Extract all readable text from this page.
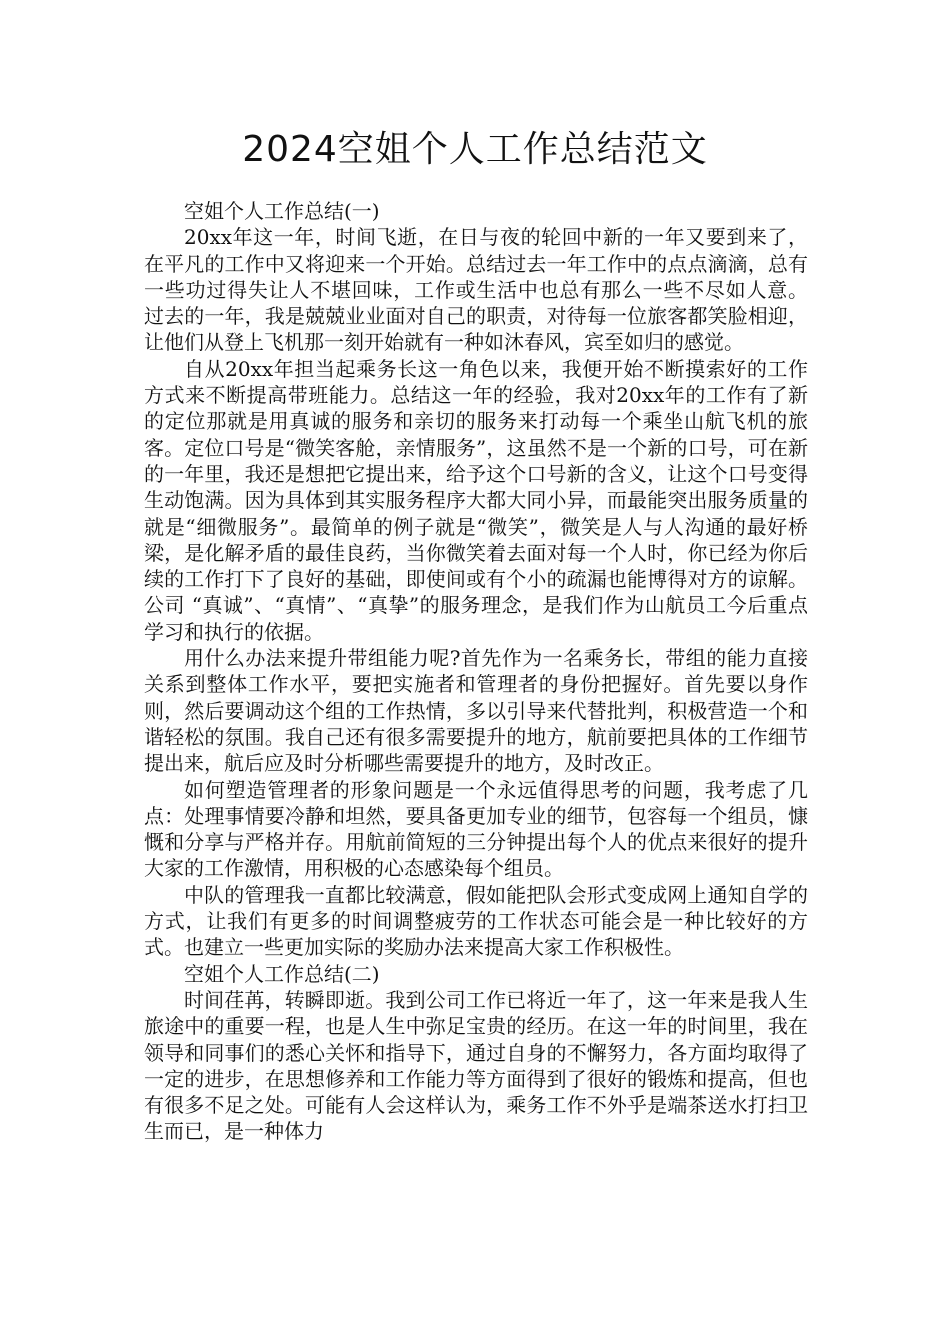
2024空姐个人工作总结范文

空姐个人工作总结(一)

20xx年这一年，时间飞逝，在日与夜的轮回中新的一年又要到来了，在平凡的工作中又将迎来一个开始。总结过去一年工作中的点点滴滴，总有一些功过得失让人不堪回味，工作或生活中也总有那么一些不尽如人意。 过去的一年，我是兢兢业业面对自己的职责，对待每一位旅客都笑脸相迎，让他们从登上飞机那一刻开始就有一种如沐春风，宾至如归的感觉。

自从20xx年担当起乘务长这一角色以来，我便开始不断摸索好的工作方式来不断提高带班能力。总结这一年的经验，我对20xx年的工作有了新的定位那就是用真诚的服务和亲切的服务来打动每一个乘坐山航飞机的旅客。定位口号是“微笑客舱，亲情服务”，这虽然不是一个新的口号，可在新的一年里，我还是想把它提出来，给予这个口号新的含义，让这个口号变得生动饱满。因为具体到其实服务程序大都大同小异，而最能突出服务质量的就是“细微服务”。最简单的例子就是“微笑”，微笑是人与人沟通的最好桥梁，是化解矛盾的最佳良药，当你微笑着去面对每一个人时，你已经为你后续的工作打下了良好的基础，即使间或有个小的疏漏也能博得对方的谅解。公司 “真诚”、“真情”、“真挚”的服务理念，是我们作为山航员工今后重点学习和执行的依据。

用什么办法来提升带组能力呢?首先作为一名乘务长，带组的能力直接关系到整体工作水平，要把实施者和管理者的身份把握好。首先要以身作则，然后要调动这个组的工作热情，多以引导来代替批判，积极营造一个和谐轻松的氛围。我自己还有很多需要提升的地方，航前要把具体的工作细节提出来，航后应及时分析哪些需要提升的地方，及时改正。

如何塑造管理者的形象问题是一个永远值得思考的问题，我考虑了几点：处理事情要冷静和坦然，要具备更加专业的细节，包容每一个组员，慷慨和分享与严格并存。用航前简短的三分钟提出每个人的优点来很好的提升大家的工作激情，用积极的心态感染每个组员。

中队的管理我一直都比较满意，假如能把队会形式变成网上通知自学的方式，让我们有更多的时间调整疲劳的工作状态可能会是一种比较好的方式。也建立一些更加实际的奖励办法来提高大家工作积极性。

空姐个人工作总结(二)

时间荏苒，转瞬即逝。我到公司工作已将近一年了，这一年来是我人生旅途中的重要一程，也是人生中弥足宝贵的经历。在这一年的时间里，我在领导和同事们的悉心关怀和指导下，通过自身的不懈努力，各方面均取得了一定的进步，在思想修养和工作能力等方面得到了很好的锻炼和提高，但也有很多不足之处。可能有人会这样认为，乘务工作不外乎是端茶送水打扫卫生而已，是一种体力
